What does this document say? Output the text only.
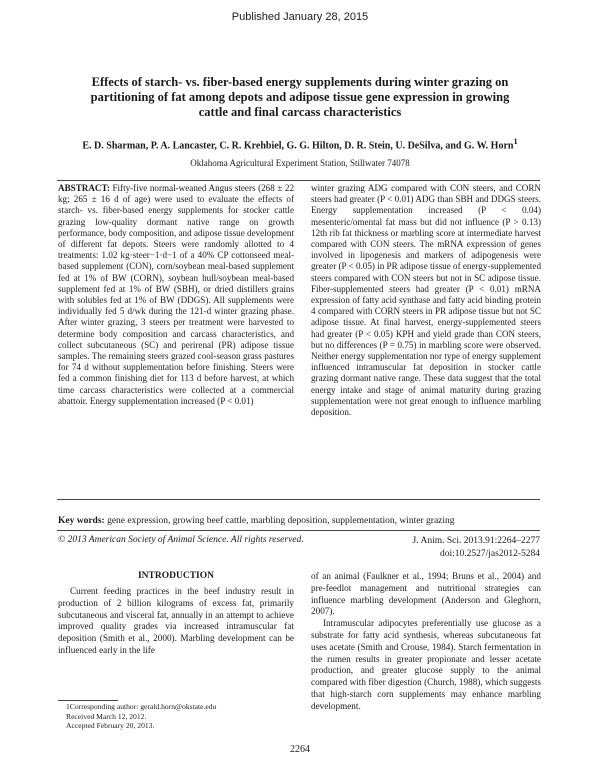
Published January 28, 2015
Effects of starch- vs. fiber-based energy supplements during winter grazing on partitioning of fat among depots and adipose tissue gene expression in growing cattle and final carcass characteristics
E. D. Sharman, P. A. Lancaster, C. R. Krehbiel, G. G. Hilton, D. R. Stein, U. DeSilva, and G. W. Horn$^1$
Oklahoma Agricultural Experiment Station, Stillwater 74078

ABSTRACT: Fifty-five normal-weaned Angus steers (268 ± 22 kg; 265 ± 16 d of age) were used to evaluate the effects of starch- vs. fiber-based energy supplements for stocker cattle grazing low-quality dormant native range on growth performance, body composition, and adipose tissue development of different fat depots. Steers were randomly allotted to 4 treatments: 1.02 kg·steer−1·d−1 of a 40% CP cottonseed meal-based supplement (CON), corn/soybean meal-based supplement fed at 1% of BW (CORN), soybean hull/soybean meal-based supplement fed at 1% of BW (SBH), or dried distillers grains with solubles fed at 1% of BW (DDGS). All supplements were individually fed 5 d/wk during the 121-d winter grazing phase. After winter grazing, 3 steers per treatment were harvested to determine body composition and carcass characteristics, and collect subcutaneous (SC) and perirenal (PR) adipose tissue samples. The remaining steers grazed cool-season grass pastures for 74 d without supplementation before finishing. Steers were fed a common finishing diet for 113 d before harvest, at which time carcass characteristics were collected at a commercial abattoir. Energy supplementation increased (P < 0.01)

winter grazing ADG compared with CON steers, and CORN steers had greater (P < 0.01) ADG than SBH and DDGS steers. Energy supplementation increased (P < 0.04) mesenteric/omental fat mass but did not influence (P > 0.13) 12th rib fat thickness or marbling score at intermediate harvest compared with CON steers. The mRNA expression of genes involved in lipogenesis and markers of adipogenesis were greater (P < 0.05) in PR adipose tissue of energy-supplemented steers compared with CON steers but not in SC adipose tissue. Fiber-supplemented steers had greater (P < 0.01) mRNA expression of fatty acid synthase and fatty acid binding protein 4 compared with CORN steers in PR adipose tissue but not SC adipose tissue. At final harvest, energy-supplemented steers had greater (P < 0.05) KPH and yield grade than CON steers, but no differences (P = 0.75) in marbling score were observed. Neither energy supplementation nor type of energy supplement influenced intramuscular fat deposition in stocker cattle grazing dormant native range. These data suggest that the total energy intake and stage of animal maturity during grazing supplementation were not great enough to influence marbling deposition.

Key words: gene expression, growing beef cattle, marbling deposition, supplementation, winter grazing
© 2013 American Society of Animal Science. All rights reserved.	J. Anim. Sci. 2013.91:2264–2277
doi:10.2527/jas2012-5284
INTRODUCTION

Current feeding practices in the beef industry result in production of 2 billion kilograms of excess fat, primarily subcutaneous and visceral fat, annually in an attempt to achieve improved quality grades via increased intramuscular fat deposition (Smith et al., 2000). Marbling development can be influenced early in the life

of an animal (Faulkner et al., 1994; Bruns et al., 2004) and pre-feedlot management and nutritional strategies can influence marbling development (Anderson and Gleghorn, 2007).

Intramuscular adipocytes preferentially use glucose as a substrate for fatty acid synthesis, whereas subcutaneous fat uses acetate (Smith and Crouse, 1984). Starch fermentation in the rumen results in greater propionate and lesser acetate production, and greater glucose supply to the animal compared with fiber digestion (Church, 1988), which suggests that high-starch corn supplements may enhance marbling development.

1Corresponding author: gerald.horn@okstate.edu
Received March 12, 2012.
Accepted February 20, 2013.
2264
